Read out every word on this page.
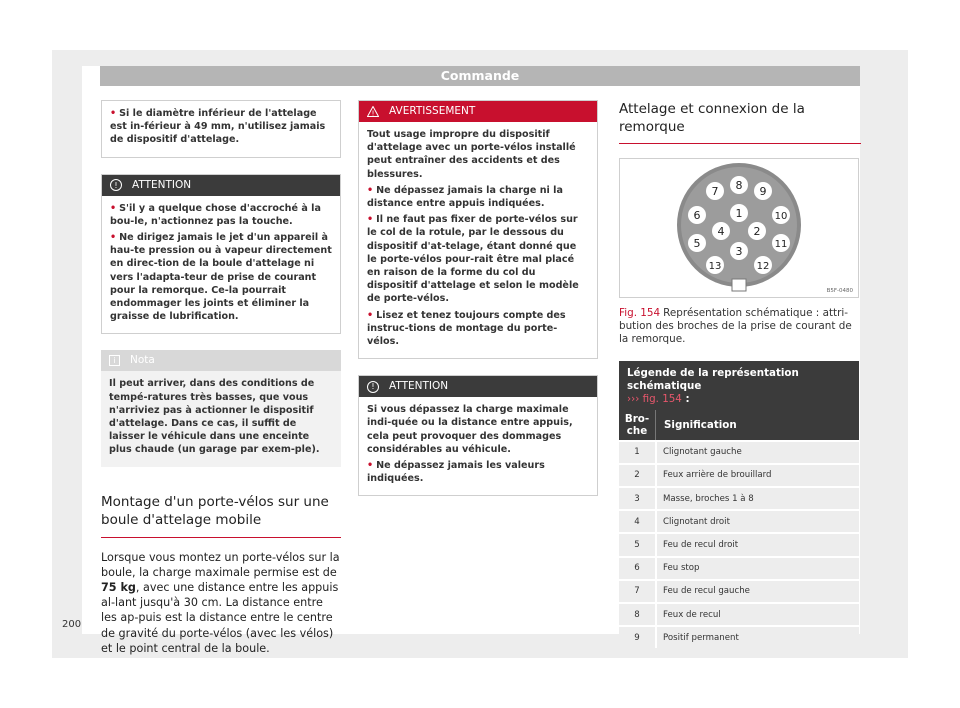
Commande

• Si le diamètre inférieur de l'attelage est in-férieur à 49 mm, n'utilisez jamais de dispositif d'attelage.

!	ATTENTION

• S'il y a quelque chose d'accroché à la bou-le, n'actionnez pas la touche.

• Ne dirigez jamais le jet d'un appareil à hau-te pression ou à vapeur directement en direc-tion de la boule d'attelage ni vers l'adapta-teur de prise de courant pour la remorque. Ce-la pourrait endommager les joints et éliminer la graisse de lubrification.

i	Nota

Il peut arriver, dans des conditions de tempé-ratures très basses, que vous n'arriviez pas à actionner le dispositif d'attelage. Dans ce cas, il suffit de laisser le véhicule dans une enceinte plus chaude (un garage par exem-ple).

Montage d'un porte-vélos sur une boule d'attelage mobile

Lorsque vous montez un porte-vélos sur la boule, la charge maximale permise est de 75 kg, avec une distance entre les appuis al-lant jusqu'à 30 cm. La distance entre les ap-puis est la distance entre le centre de gravité du porte-vélos (avec les vélos) et le point central de la boule.

! AVERTISSEMENT

Tout usage impropre du dispositif d'attelage avec un porte-vélos installé peut entraîner des accidents et des blessures.

• Ne dépassez jamais la charge ni la distance entre appuis indiquées.

• Il ne faut pas fixer de porte-vélos sur le col de la rotule, par le dessous du dispositif d'at-telage, étant donné que le porte-vélos pour-rait être mal placé en raison de la forme du col du dispositif d'attelage et selon le modèle de porte-vélos.

• Lisez et tenez toujours compte des instruc-tions de montage du porte-vélos.

!	ATTENTION

Si vous dépassez la charge maximale indi-quée ou la distance entre appuis, cela peut provoquer des dommages considérables au véhicule.

• Ne dépassez jamais les valeurs indiquées.

Attelage et connexion de la remorque
1
2
3
4
5
6
7 8 9
10
11
12
13
B5F-0480

Fig. 154 Représentation schématique : attri-bution des broches de la prise de courant de la remorque.

Légende de la représentation schématique
››› fig. 154 :
Bro-che	Signification
1	Clignotant gauche
2	Feux arrière de brouillard
3	Masse, broches 1 à 8
4	Clignotant droit
5	Feu de recul droit
6	Feu stop
7	Feu de recul gauche
8	Feux de recul
9	Positif permanent
200
